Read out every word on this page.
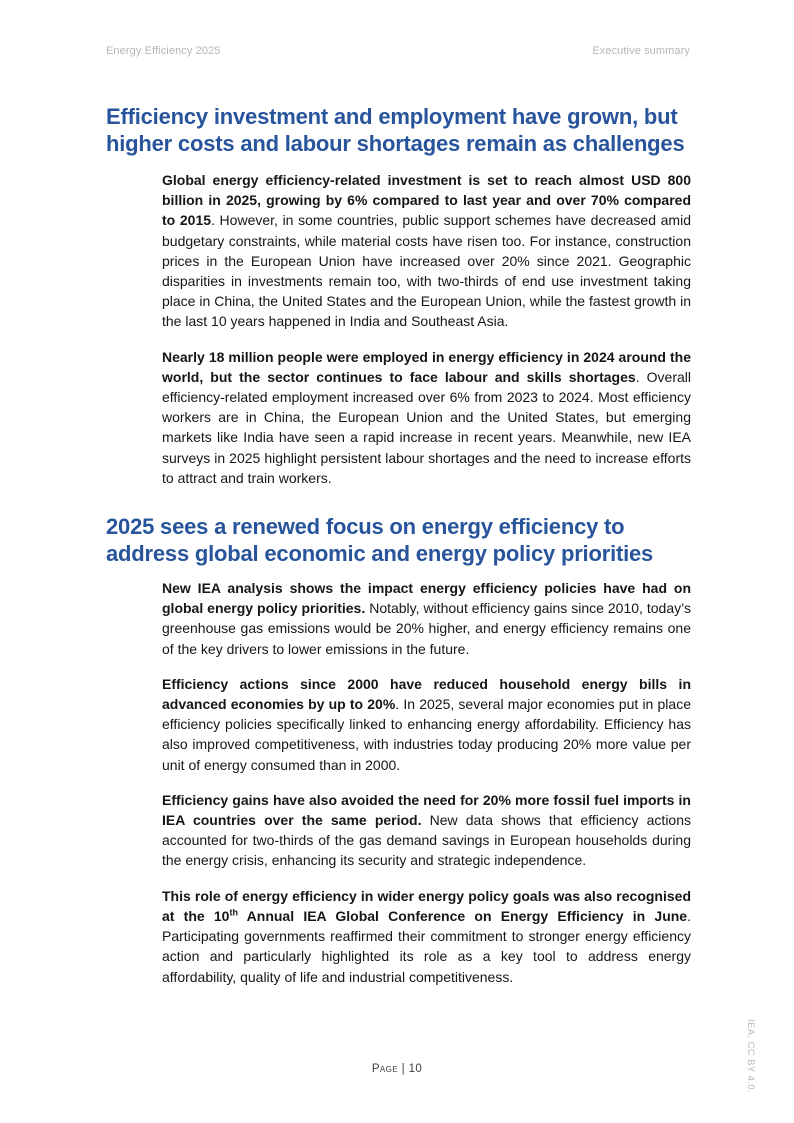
Energy Efficiency 2025	Executive summary
Efficiency investment and employment have grown, but
higher costs and labour shortages remain as challenges

Global energy efficiency-related investment is set to reach almost USD 800 billion in 2025, growing by 6% compared to last year and over 70% compared to 2015. However, in some countries, public support schemes have decreased amid budgetary constraints, while material costs have risen too. For instance, construction prices in the European Union have increased over 20% since 2021. Geographic disparities in investments remain too, with two-thirds of end use investment taking place in China, the United States and the European Union, while the fastest growth in the last 10 years happened in India and Southeast Asia.

Nearly 18 million people were employed in energy efficiency in 2024 around the world, but the sector continues to face labour and skills shortages. Overall efficiency-related employment increased over 6% from 2023 to 2024. Most efficiency workers are in China, the European Union and the United States, but emerging markets like India have seen a rapid increase in recent years. Meanwhile, new IEA surveys in 2025 highlight persistent labour shortages and the need to increase efforts to attract and train workers.

2025 sees a renewed focus on energy efficiency to
address global economic and energy policy priorities

New IEA analysis shows the impact energy efficiency policies have had on global energy policy priorities. Notably, without efficiency gains since 2010, today’s greenhouse gas emissions would be 20% higher, and energy efficiency remains one of the key drivers to lower emissions in the future.

Efficiency actions since 2000 have reduced household energy bills in advanced economies by up to 20%. In 2025, several major economies put in place efficiency policies specifically linked to enhancing energy affordability. Efficiency has also improved competitiveness, with industries today producing 20% more value per unit of energy consumed than in 2000.

Efficiency gains have also avoided the need for 20% more fossil fuel imports in IEA countries over the same period. New data shows that efficiency actions accounted for two-thirds of the gas demand savings in European households during the energy crisis, enhancing its security and strategic independence.

This role of energy efficiency in wider energy policy goals was also recognised at the 10th Annual IEA Global Conference on Energy Efficiency in June. Participating governments reaffirmed their commitment to stronger energy efficiency action and particularly highlighted its role as a key tool to address energy affordability, quality of life and industrial competitiveness.

Page | 10	IEA. CC BY 4.0.
